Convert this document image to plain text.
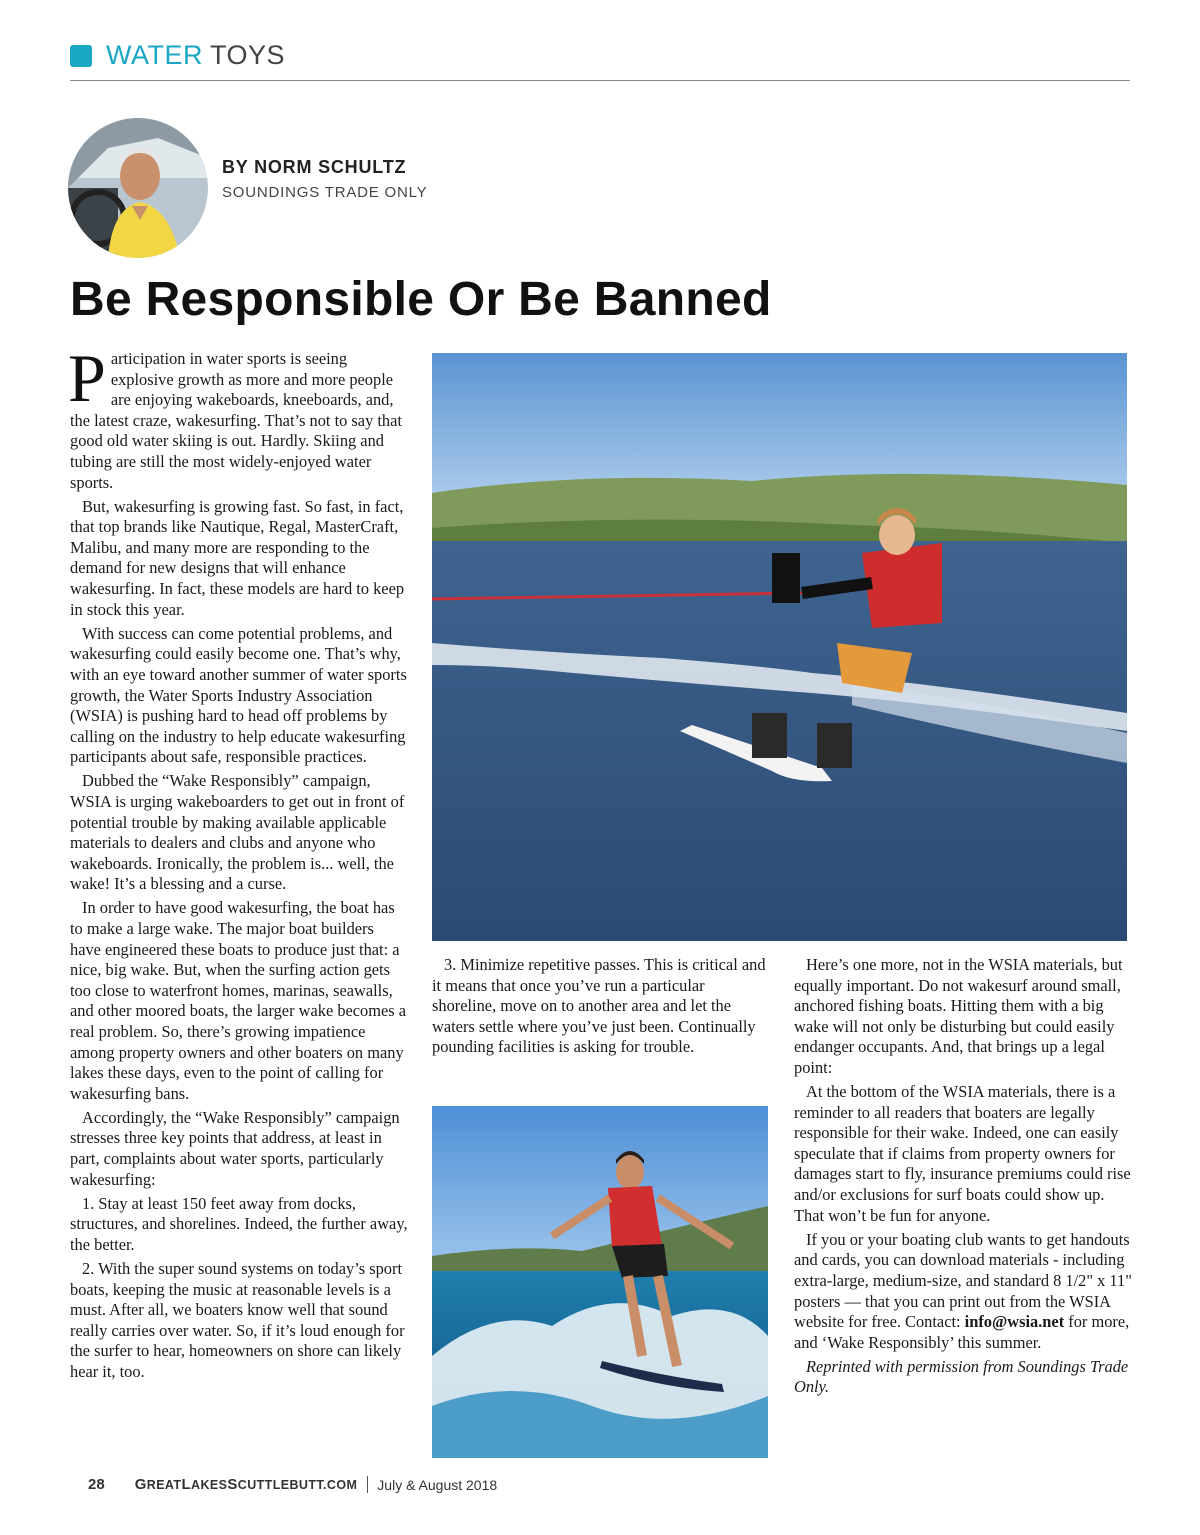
WATER TOYS
BY NORM SCHULTZ
SOUNDINGS TRADE ONLY
Be Responsible Or Be Banned

Participation in water sports is seeing explosive growth as more and more people are enjoying wakeboards, kneeboards, and, the latest craze, wakesurfing. That’s not to say that good old water skiing is out. Hardly. Skiing and tubing are still the most widely-enjoyed water sports.

But, wakesurfing is growing fast. So fast, in fact, that top brands like Nautique, Regal, MasterCraft, Malibu, and many more are responding to the demand for new designs that will enhance wakesurfing. In fact, these models are hard to keep in stock this year.

With success can come potential problems, and wakesurfing could easily become one. That’s why, with an eye toward another summer of water sports growth, the Water Sports Industry Association (WSIA) is pushing hard to head off problems by calling on the industry to help educate wakesurfing participants about safe, responsible practices.

Dubbed the “Wake Responsibly” campaign, WSIA is urging wakeboarders to get out in front of potential trouble by making available applicable materials to dealers and clubs and anyone who wakeboards. Ironically, the problem is... well, the wake! It’s a blessing and a curse.

In order to have good wakesurfing, the boat has to make a large wake. The major boat builders have engineered these boats to produce just that: a nice, big wake. But, when the surfing action gets too close to waterfront homes, marinas, seawalls, and other moored boats, the larger wake becomes a real problem. So, there’s growing impatience among property owners and other boaters on many lakes these days, even to the point of calling for wakesurfing bans.

Accordingly, the “Wake Responsibly” campaign stresses three key points that address, at least in part, complaints about water sports, particularly wakesurfing:

1. Stay at least 150 feet away from docks, structures, and shorelines. Indeed, the further away, the better.

2. With the super sound systems on today’s sport boats, keeping the music at reasonable levels is a must. After all, we boaters know well that sound really carries over water. So, if it’s loud enough for the surfer to hear, homeowners on shore can likely hear it, too.

3. Minimize repetitive passes. This is critical and it means that once you’ve run a particular shoreline, move on to another area and let the waters settle where you’ve just been. Continually pounding facilities is asking for trouble.

Here’s one more, not in the WSIA materials, but equally important. Do not wakesurf around small, anchored fishing boats. Hitting them with a big wake will not only be disturbing but could easily endanger occupants. And, that brings up a legal point:

At the bottom of the WSIA materials, there is a reminder to all readers that boaters are legally responsible for their wake. Indeed, one can easily speculate that if claims from property owners for damages start to fly, insurance premiums could rise and/or exclusions for surf boats could show up. That won’t be fun for anyone.

If you or your boating club wants to get handouts and cards, you can download materials - including extra-large, medium-size, and standard 8 1/2" x 11" posters — that you can print out from the WSIA website for free. Contact: info@wsia.net for more, and ‘Wake Responsibly’ this summer.

Reprinted with permission from Soundings Trade Only.

28 GREATLAKESSCUTTLEBUTT.COM July & August 2018
